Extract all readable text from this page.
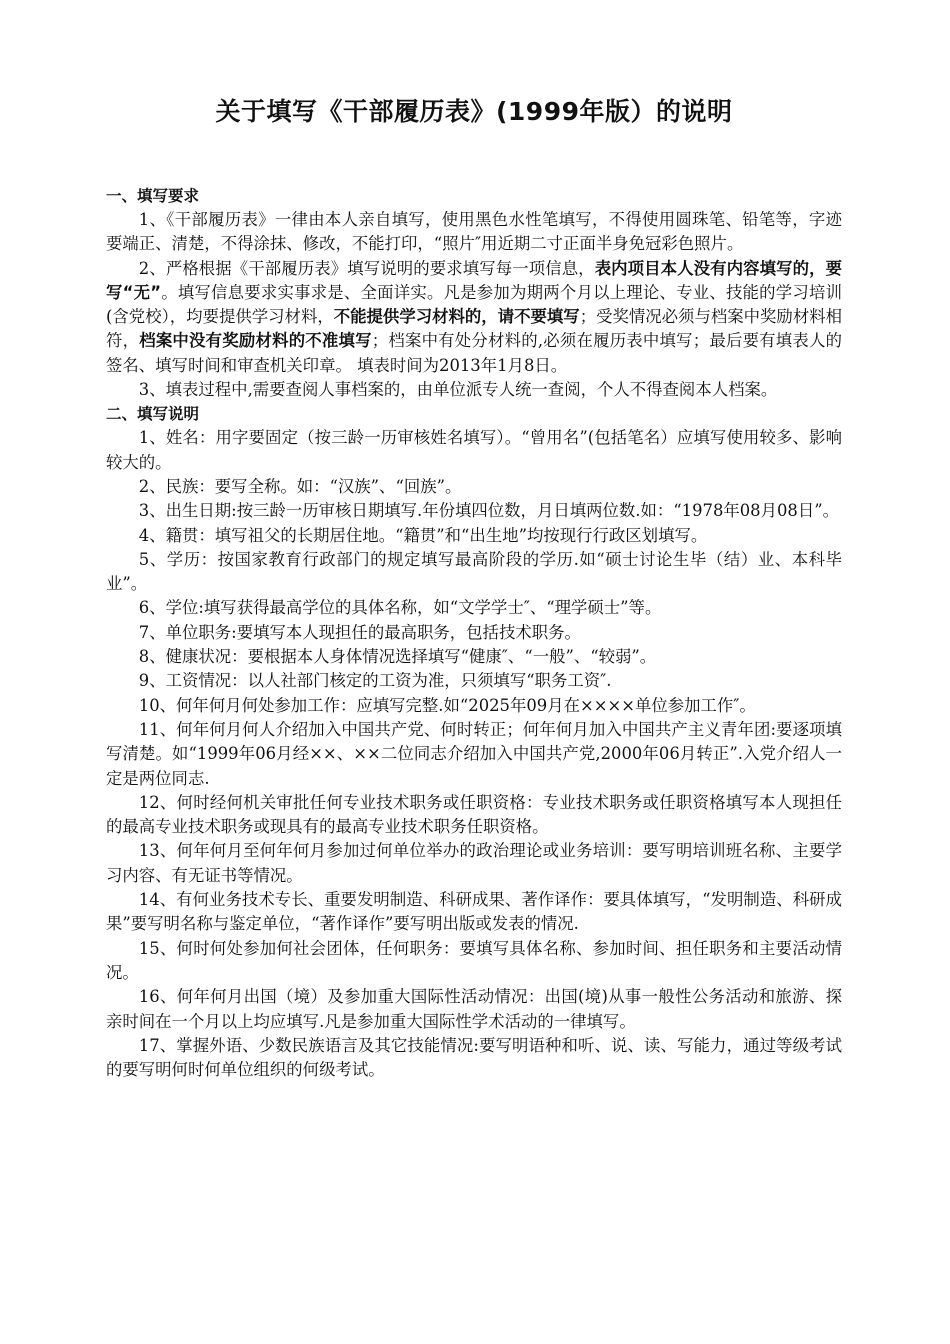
关于填写《干部履历表》(1999年版）的说明
一、填写要求

1、《干部履历表》一律由本人亲自填写，使用黑色水性笔填写，不得使用圆珠笔、铅笔等，字迹要端正、清楚，不得涂抹、修改，不能打印，“照片″用近期二寸正面半身免冠彩色照片。

2、严格根据《干部履历表》填写说明的要求填写每一项信息，表内项目本人没有内容填写的，要写“无”。填写信息要求实事求是、全面详实。凡是参加为期两个月以上理论、专业、技能的学习培训(含党校），均要提供学习材料，不能提供学习材料的，请不要填写；受奖情况必须与档案中奖励材料相符，档案中没有奖励材料的不准填写；档案中有处分材料的,必须在履历表中填写；最后要有填表人的签名、填写时间和审查机关印章。 填表时间为2013年1月8日。

3、填表过程中,需要查阅人事档案的，由单位派专人统一查阅，个人不得查阅本人档案。

二、填写说明

1、姓名：用字要固定（按三龄一历审核姓名填写）。“曾用名”(包括笔名）应填写使用较多、影响较大的。

2、民族：要写全称。如：“汉族”、“回族”。

3、出生日期:按三龄一历审核日期填写.年份填四位数，月日填两位数.如：“1978年08月08日”。

4、籍贯：填写祖父的长期居住地。“籍贯”和“出生地”均按现行行政区划填写。

5、学历：按国家教育行政部门的规定填写最高阶段的学历.如“硕士讨论生毕（结）业、本科毕业”。

6、学位:填写获得最高学位的具体名称，如“文学学士″、“理学硕士”等。

7、单位职务:要填写本人现担任的最高职务，包括技术职务。

8、健康状况：要根据本人身体情况选择填写“健康″、“一般”、“较弱”。

9、工资情况：以人社部门核定的工资为准，只须填写“职务工资″.

10、何年何月何处参加工作：应填写完整.如“2025年09月在××××单位参加工作″。

11、何年何月何人介绍加入中国共产党、何时转正；何年何月加入中国共产主义青年团:要逐项填写清楚。如“1999年06月经××、××二位同志介绍加入中国共产党,2000年06月转正”.入党介绍人一定是两位同志.

12、何时经何机关审批任何专业技术职务或任职资格：专业技术职务或任职资格填写本人现担任的最高专业技术职务或现具有的最高专业技术职务任职资格。

13、何年何月至何年何月参加过何单位举办的政治理论或业务培训：要写明培训班名称、主要学习内容、有无证书等情况。

14、有何业务技术专长、重要发明制造、科研成果、著作译作：要具体填写，“发明制造、科研成果”要写明名称与鉴定单位，“著作译作”要写明出版或发表的情况.

15、何时何处参加何社会团体，任何职务：要填写具体名称、参加时间、担任职务和主要活动情况。

16、何年何月出国（境）及参加重大国际性活动情况：出国(境)从事一般性公务活动和旅游、探亲时间在一个月以上均应填写.凡是参加重大国际性学术活动的一律填写。

17、掌握外语、少数民族语言及其它技能情况:要写明语种和听、说、读、写能力，通过等级考试的要写明何时何单位组织的何级考试。
